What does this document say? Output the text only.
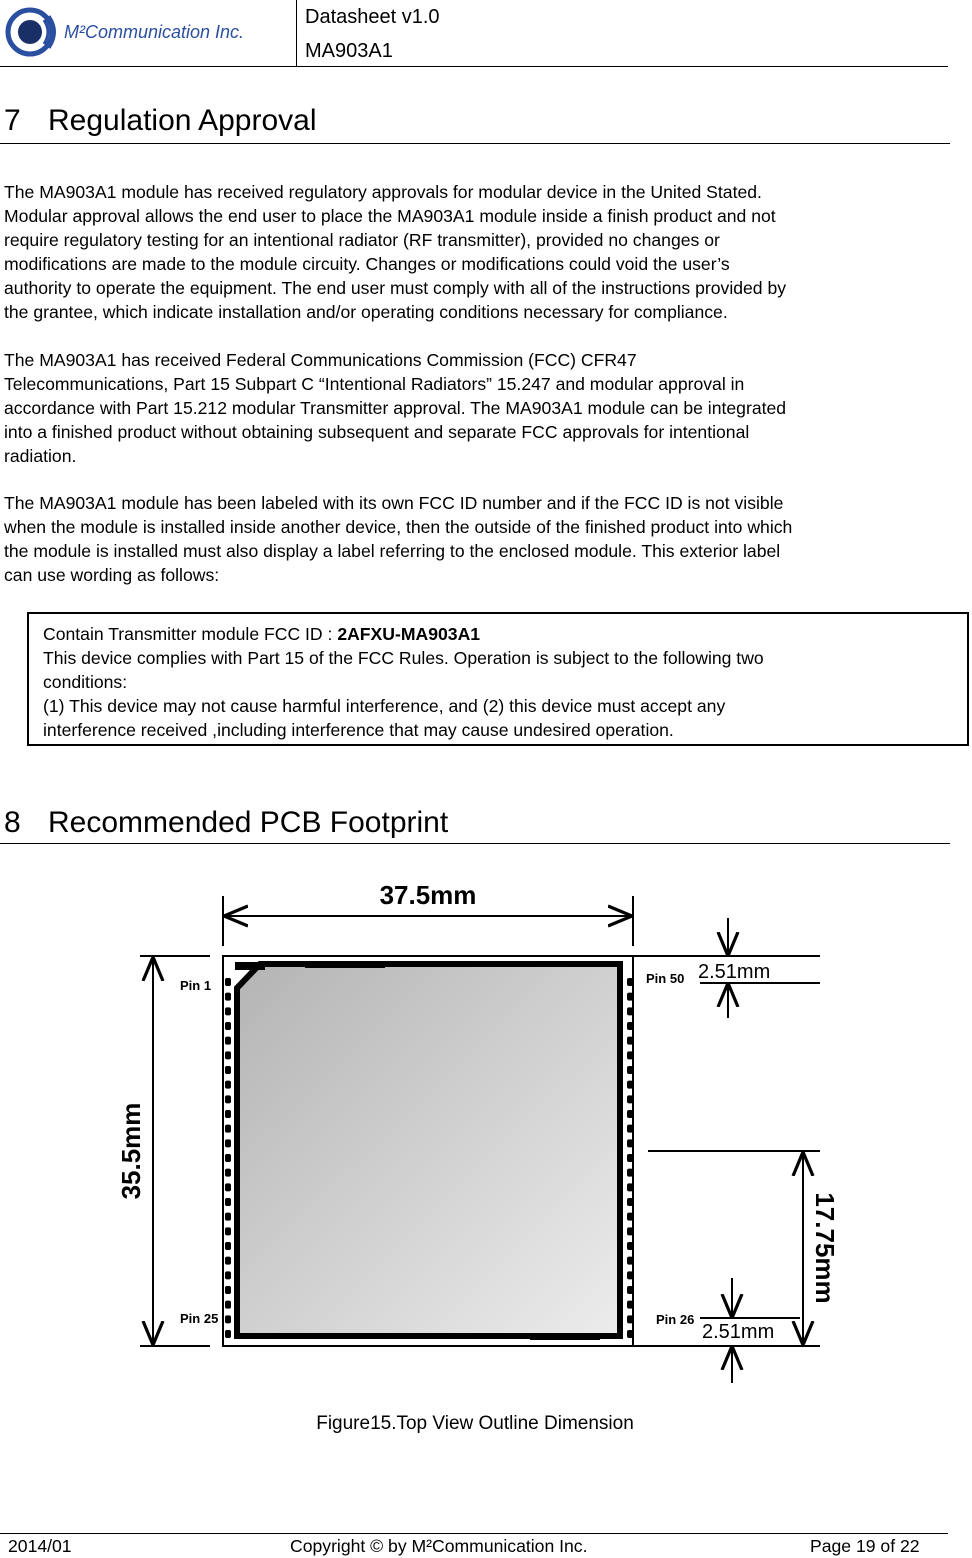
M²Communication Inc.
Datasheet v1.0
MA903A1
7 Regulation Approval
The MA903A1 module has received regulatory approvals for modular device in the United Stated.
Modular approval allows the end user to place the MA903A1 module inside a finish product and not
require regulatory testing for an intentional radiator (RF transmitter), provided no changes or
modifications are made to the module circuity. Changes or modifications could void the user’s
authority to operate the equipment. The end user must comply with all of the instructions provided by
the grantee, which indicate installation and/or operating conditions necessary for compliance.
The MA903A1 has received Federal Communications Commission (FCC) CFR47
Telecommunications, Part 15 Subpart C “Intentional Radiators” 15.247 and modular approval in
accordance with Part 15.212 modular Transmitter approval. The MA903A1 module can be integrated
into a finished product without obtaining subsequent and separate FCC approvals for intentional
radiation.
The MA903A1 module has been labeled with its own FCC ID number and if the FCC ID is not visible
when the module is installed inside another device, then the outside of the finished product into which
the module is installed must also display a label referring to the enclosed module. This exterior label
can use wording as follows:
Contain Transmitter module FCC ID : 2AFXU-MA903A1
This device complies with Part 15 of the FCC Rules. Operation is subject to the following two
conditions:
(1) This device may not cause harmful interference, and (2) this device must accept any
interference received ,including interference that may cause undesired operation.
8 Recommended PCB Footprint
37.5mm
35.5mm
2.51mm
17.75mm
2.51mm
Pin 1
Pin 25
Pin 50
Pin 26
Figure15.Top View Outline Dimension
2014/01	Copyright © by M²Communication Inc.	Page 19 of 22
